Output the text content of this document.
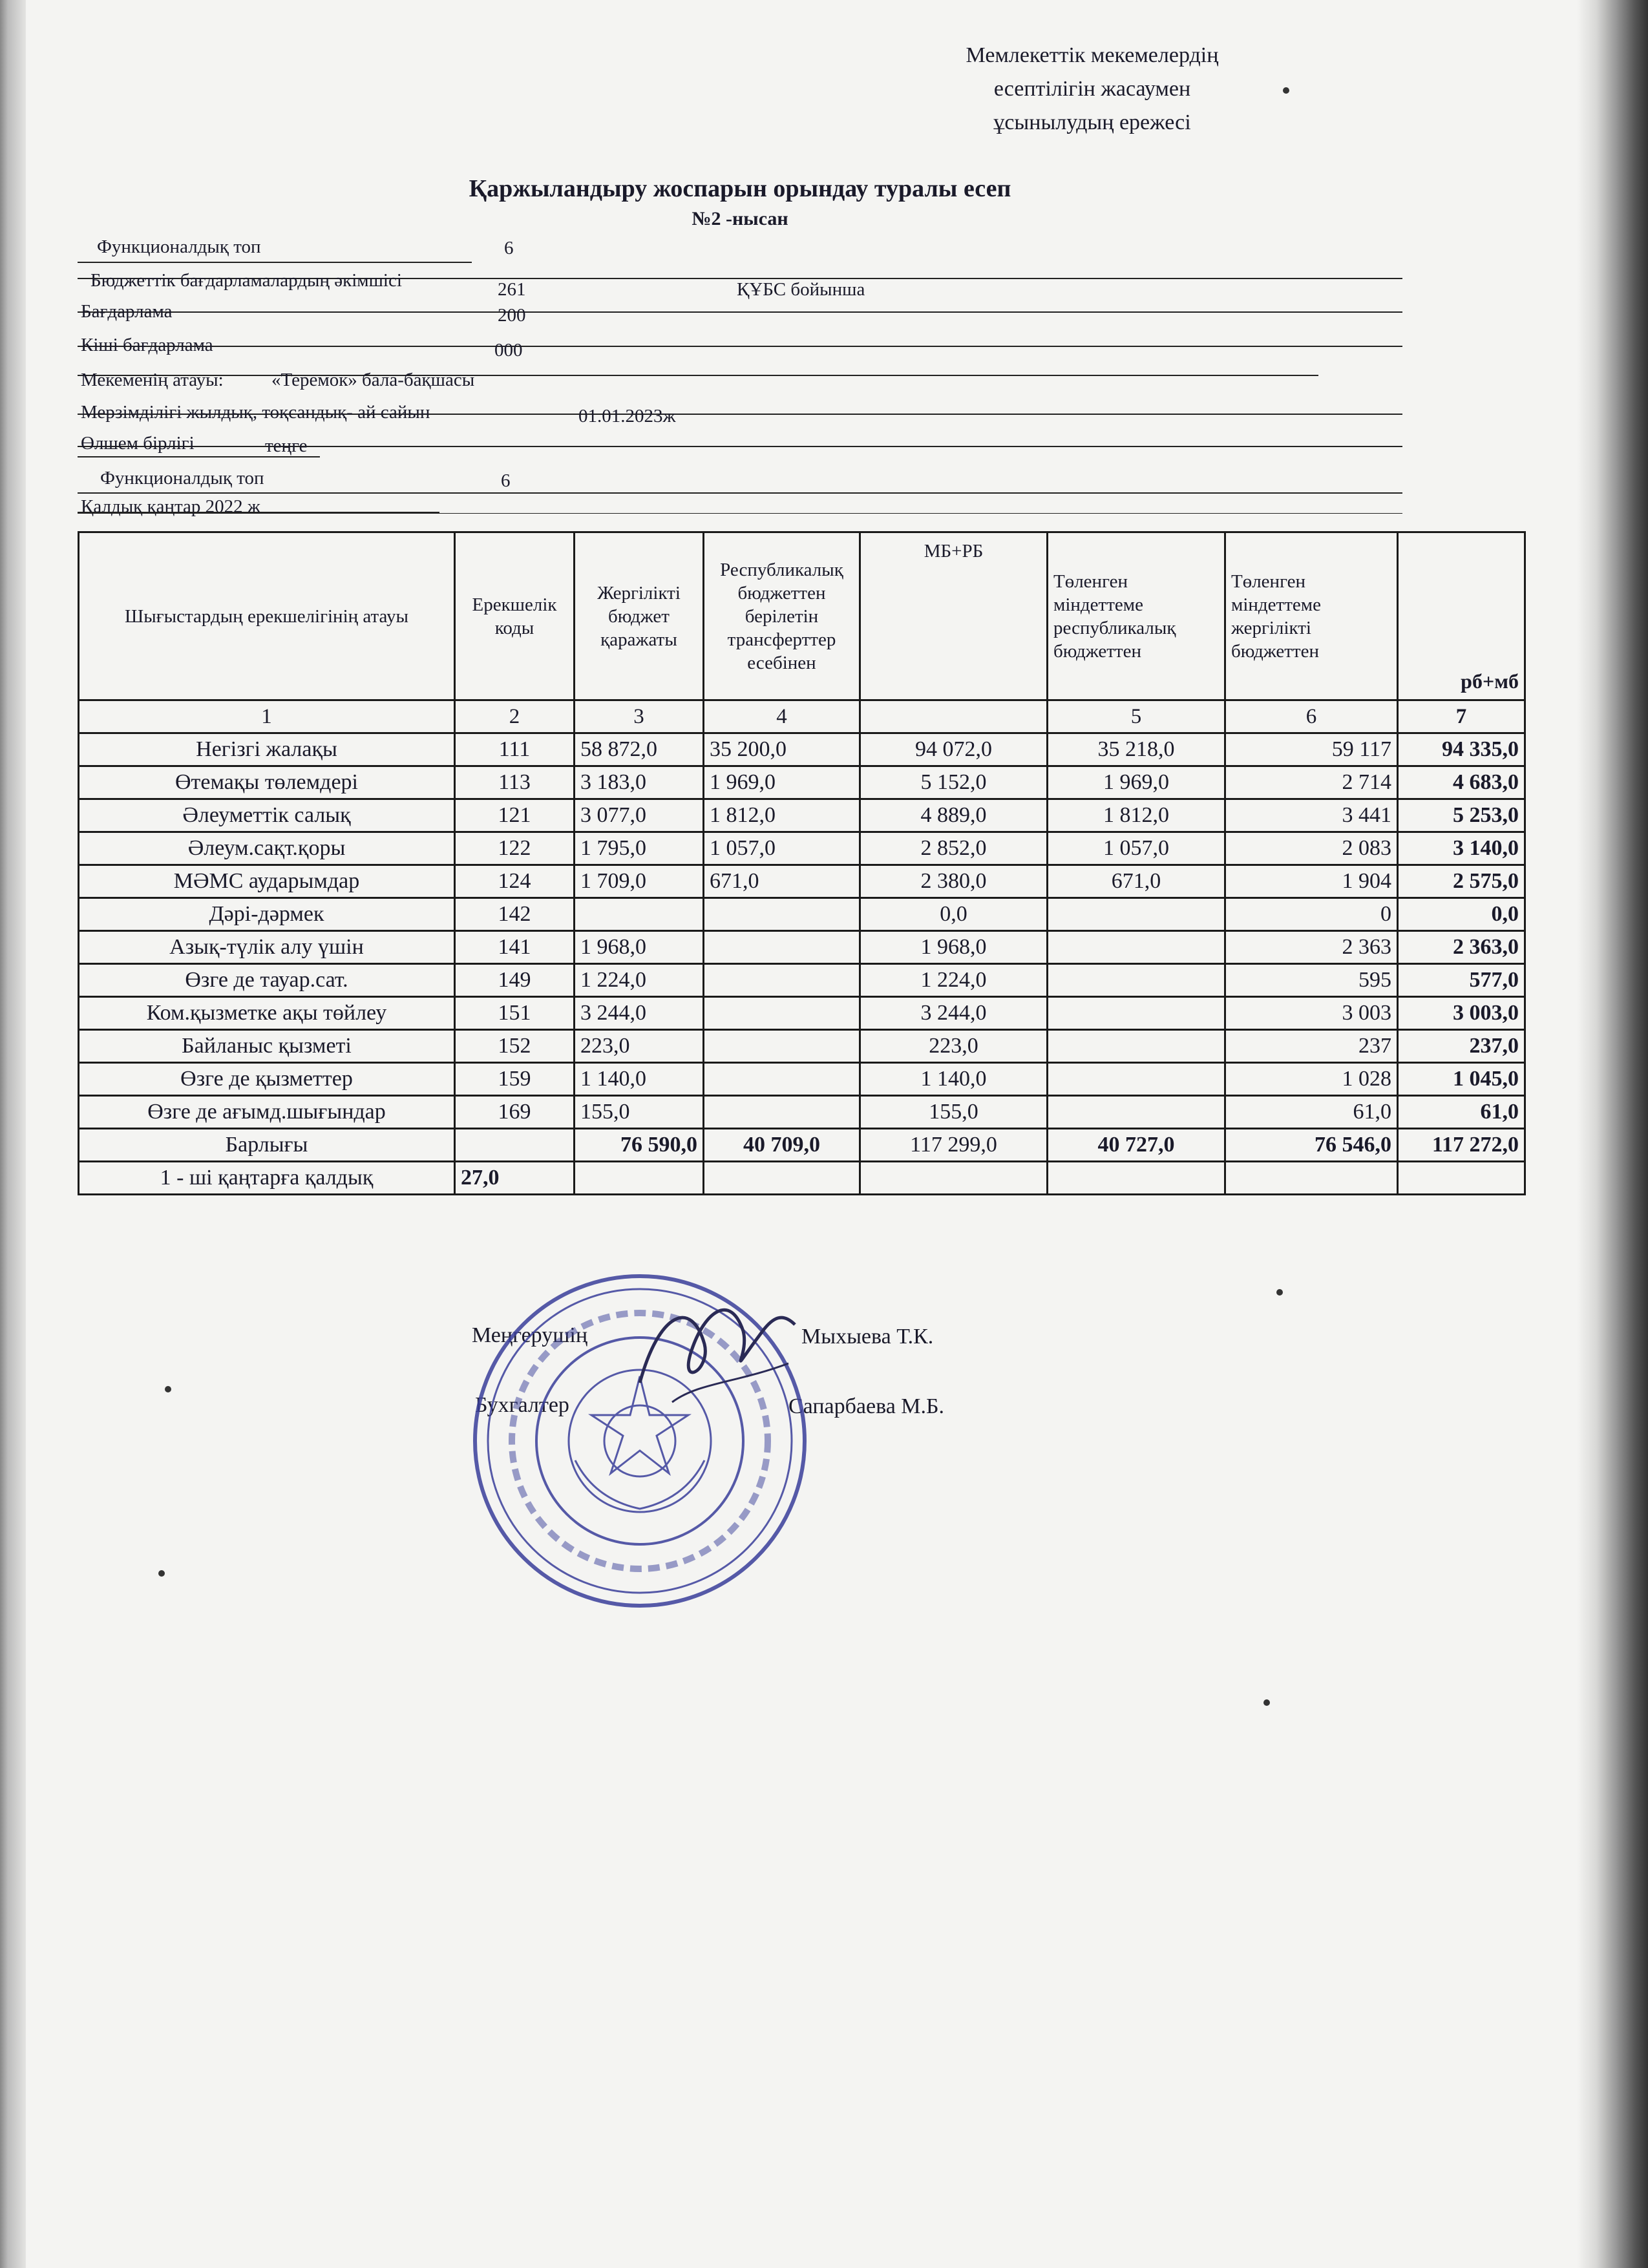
Мемлекеттік мекемелердің
есептілігін жасаумен
ұсынылудың ережесі
Қаржыландыру жоспарын орындау туралы есеп
№2 -нысан
Функционалдық топ	6
Бюджеттік бағдарламалардың әкімшісі	261	ҚҰБС бойынша
Бағдарлама	200
Кіші бағдарлама	000
Мекеменің атауы:	«Теремок» бала-бақшасы
Мерзімділігі жылдық, тоқсандық- ай сайын	01.01.2023ж
Өлшем бірлігі	теңге
Функционалдық топ	6
Қалдық қаңтар 2022 ж
Шығыстардың ерекшелігінің атауы	Ерекшелік коды	Жергілікті бюджет қаражаты	Республикалық бюджеттен берілетін трансферттер есебінен	МБ+РБ	Төленген міндеттеме республикалық бюджеттен	Төленген міндеттеме жергілікті бюджеттен	рб+мб
1	2	3	4		5	6	7
Негізгі жалақы	111	58 872,0	35 200,0	94 072,0	35 218,0	59 117	94 335,0
Өтемақы төлемдері	113	3 183,0	1 969,0	5 152,0	1 969,0	2 714	4 683,0
Әлеуметтік салық	121	3 077,0	1 812,0	4 889,0	1 812,0	3 441	5 253,0
Әлеум.сақт.қоры	122	1 795,0	1 057,0	2 852,0	1 057,0	2 083	3 140,0
МӘМС аударымдар	124	1 709,0	671,0	2 380,0	671,0	1 904	2 575,0
Дәрі-дәрмек	142			0,0		0	0,0
Азық-түлік алу үшін	141	1 968,0		1 968,0		2 363	2 363,0
Өзге де тауар.сат.	149	1 224,0		1 224,0		595	577,0
Ком.қызметке ақы төйлеу	151	3 244,0		3 244,0		3 003	3 003,0
Байланыс қызметі	152	223,0		223,0		237	237,0
Өзге де қызметтер	159	1 140,0		1 140,0		1 028	1 045,0
Өзге де ағымд.шығындар	169	155,0		155,0		61,0	61,0
Барлығы		76 590,0	40 709,0	117 299,0	40 727,0	76 546,0	117 272,0
1 - ші қаңтарға қалдық	27,0						
Меңгерушің	Мыхыева Т.К.
Бухгалтер	Сапарбаева М.Б.
